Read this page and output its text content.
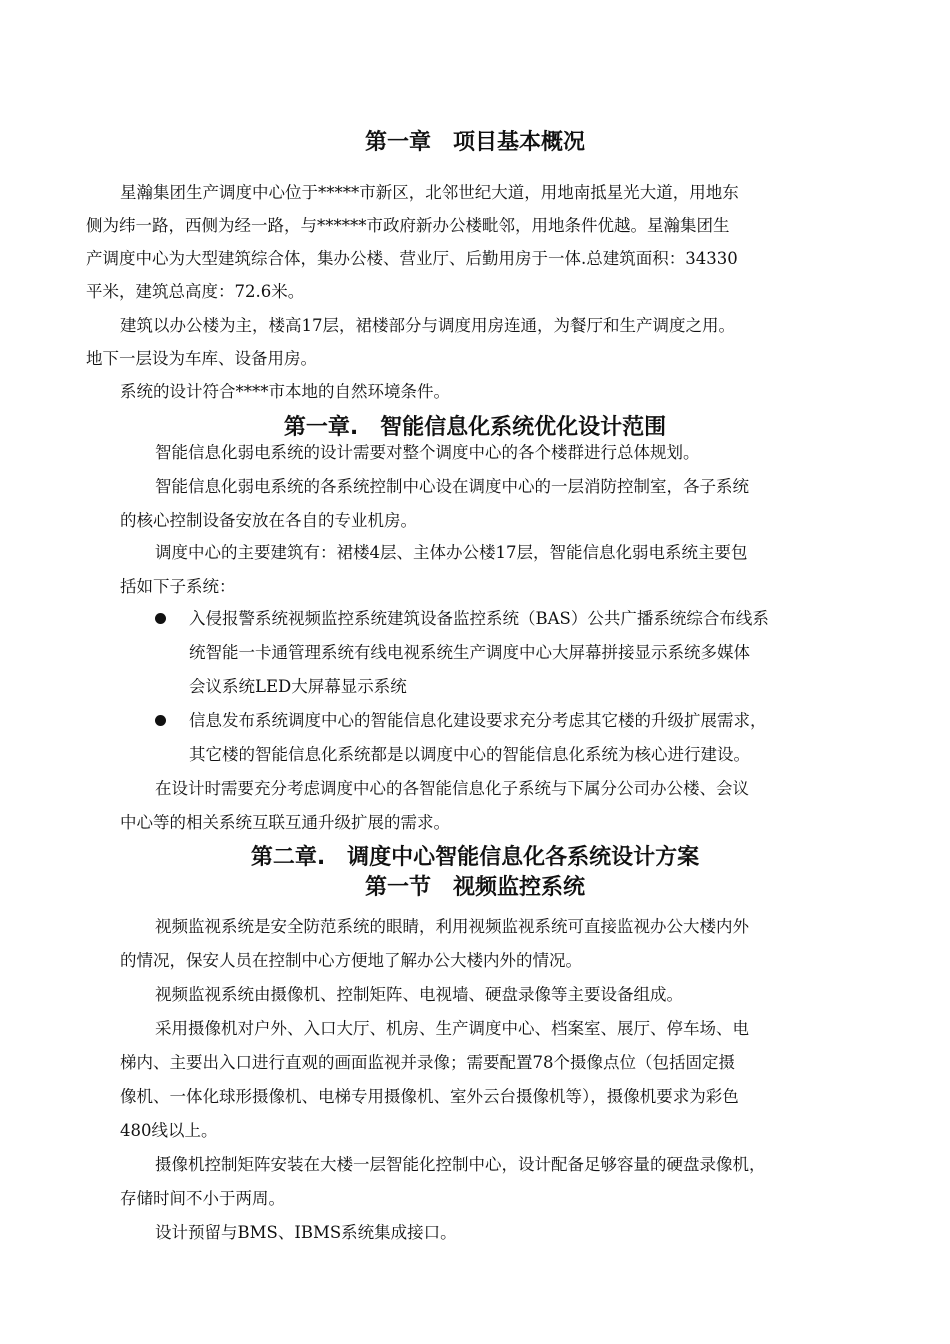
第一章　项目基本概况
星瀚集团生产调度中心位于*****市新区，北邻世纪大道，用地南抵星光大道，用地东
侧为纬一路，西侧为经一路，与******市政府新办公楼毗邻，用地条件优越。星瀚集团生
产调度中心为大型建筑综合体，集办公楼、营业厅、后勤用房于一体.总建筑面积：34330
平米，建筑总高度：72.6米。
建筑以办公楼为主，楼高17层，裙楼部分与调度用房连通，为餐厅和生产调度之用。
地下一层设为车库、设备用房。
系统的设计符合****市本地的自然环境条件。
第一章.　智能信息化系统优化设计范围
智能信息化弱电系统的设计需要对整个调度中心的各个楼群进行总体规划。
智能信息化弱电系统的各系统控制中心设在调度中心的一层消防控制室，各子系统
的核心控制设备安放在各自的专业机房。
调度中心的主要建筑有：裙楼4层、主体办公楼17层，智能信息化弱电系统主要包
括如下子系统：
入侵报警系统视频监控系统建筑设备监控系统（BAS）公共广播系统综合布线系
统智能一卡通管理系统有线电视系统生产调度中心大屏幕拼接显示系统多媒体
会议系统LED大屏幕显示系统
信息发布系统调度中心的智能信息化建设要求充分考虑其它楼的升级扩展需求，
其它楼的智能信息化系统都是以调度中心的智能信息化系统为核心进行建设。
在设计时需要充分考虑调度中心的各智能信息化子系统与下属分公司办公楼、会议
中心等的相关系统互联互通升级扩展的需求。
第二章.　调度中心智能信息化各系统设计方案
第一节　视频监控系统
视频监视系统是安全防范系统的眼睛，利用视频监视系统可直接监视办公大楼内外
的情况，保安人员在控制中心方便地了解办公大楼内外的情况。
视频监视系统由摄像机、控制矩阵、电视墙、硬盘录像等主要设备组成。
采用摄像机对户外、入口大厅、机房、生产调度中心、档案室、展厅、停车场、电
梯内、主要出入口进行直观的画面监视并录像；需要配置78个摄像点位（包括固定摄
像机、一体化球形摄像机、电梯专用摄像机、室外云台摄像机等），摄像机要求为彩色
480线以上。
摄像机控制矩阵安装在大楼一层智能化控制中心，设计配备足够容量的硬盘录像机，
存储时间不小于两周。
设计预留与BMS、IBMS系统集成接口。
